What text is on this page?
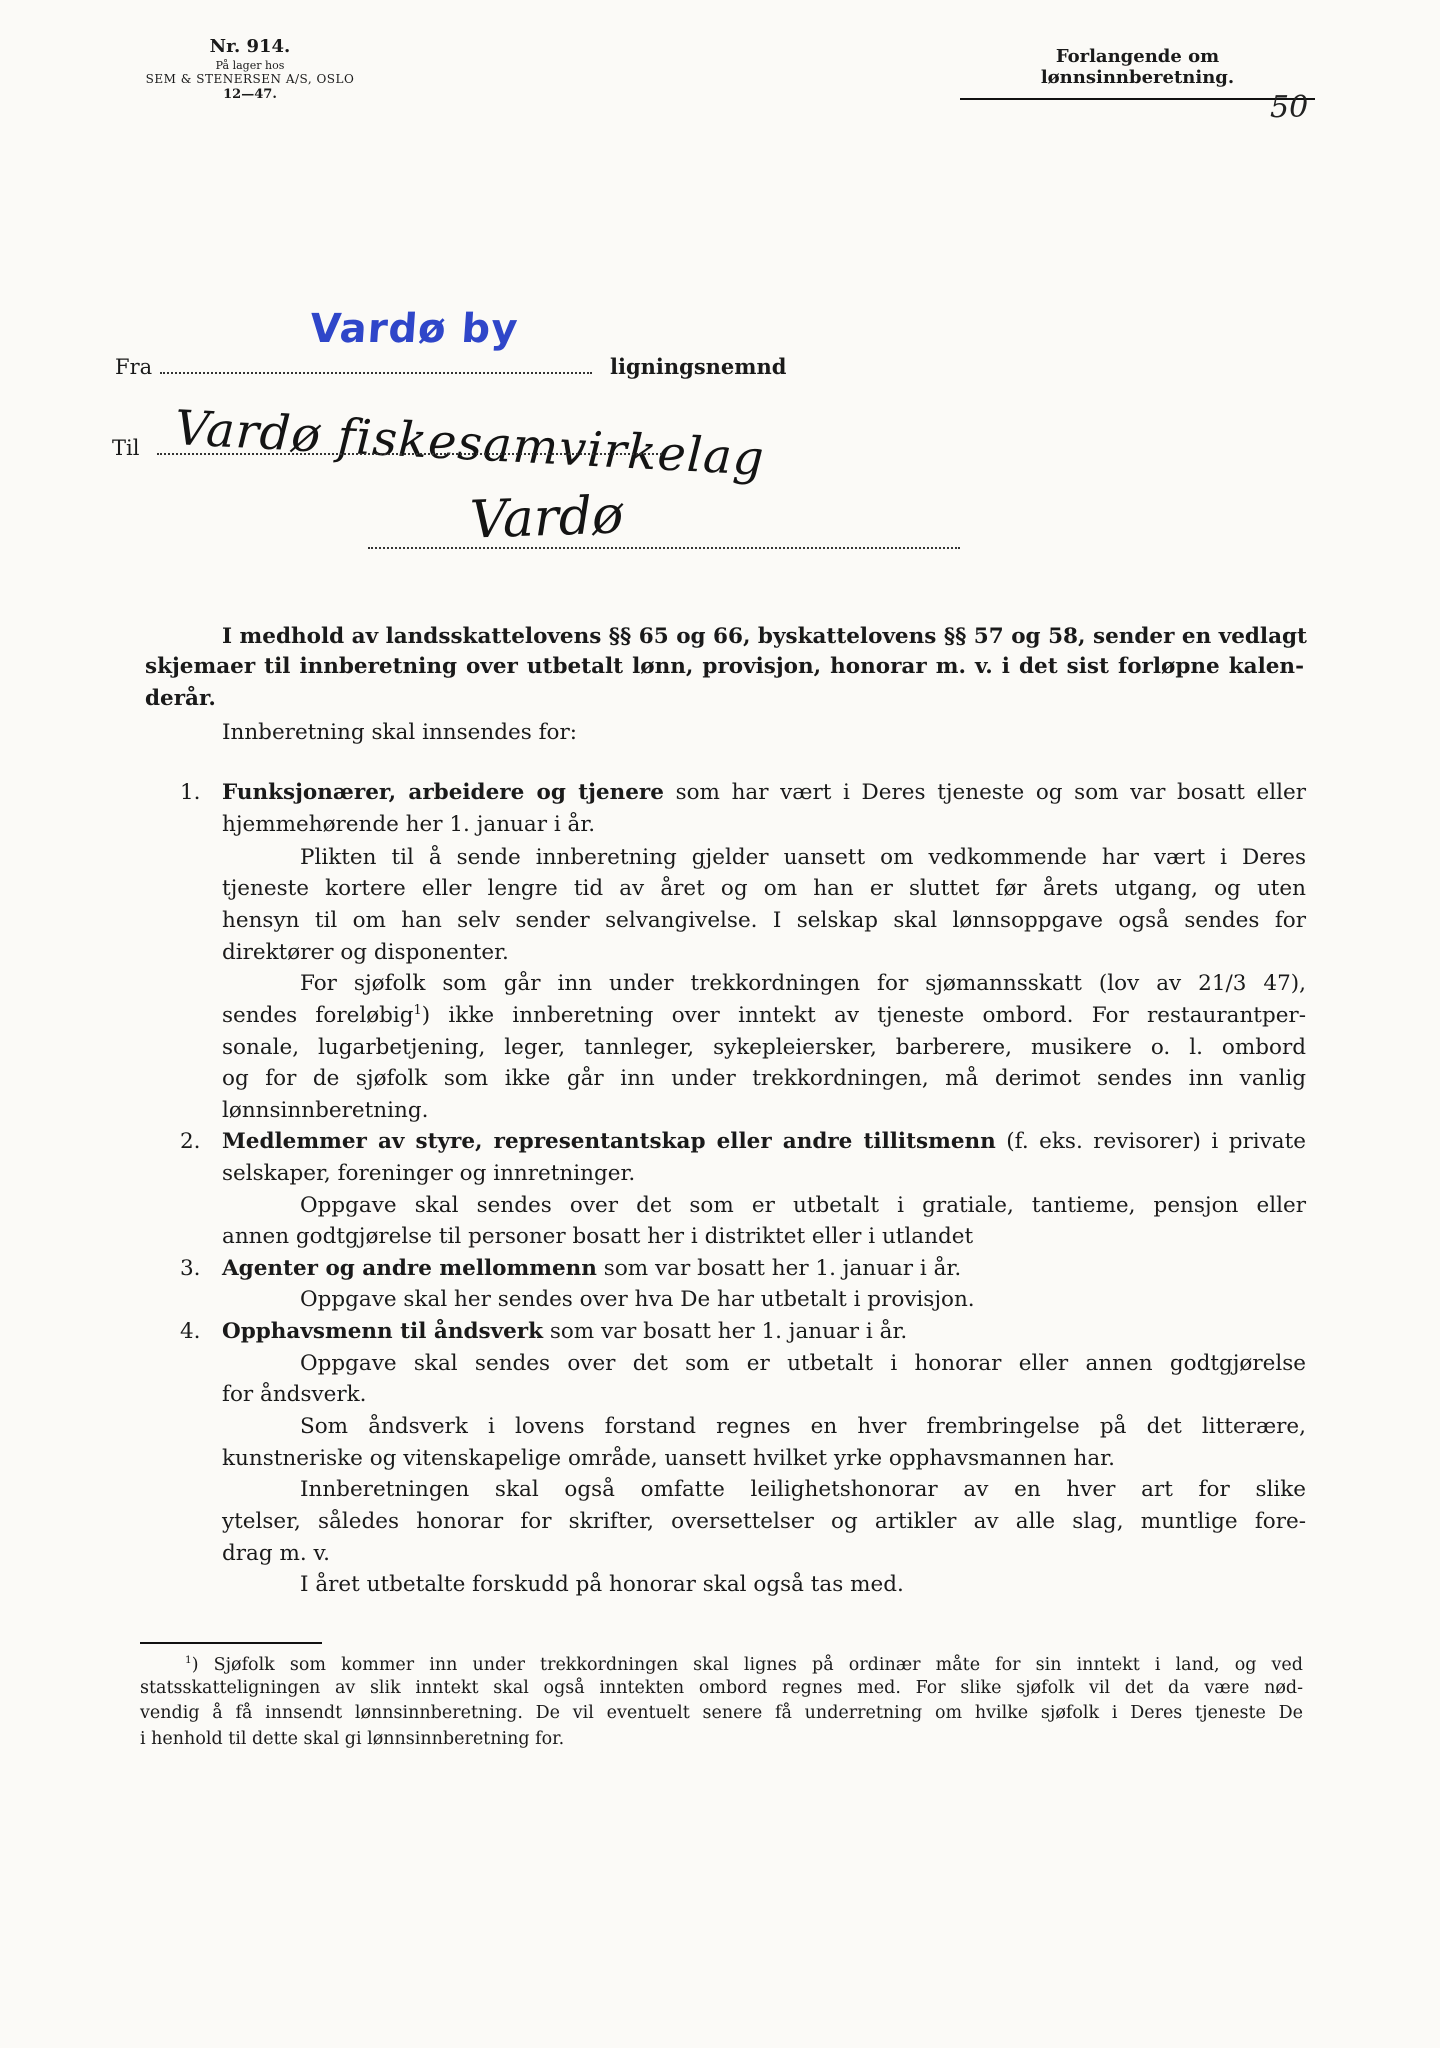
Nr. 914.
På lager hos
SEM & STENERSEN A/S, OSLO
12—47.
Forlangende om lønnsinnberetning.
50
Vardø by
Fra	ligningsnemnd
Vardø fiskesamvirkelag
Til
Vardø
I medhold av landsskattelovens §§ 65 og 66, byskattelovens §§ 57 og 58, sender en vedlagt
skjemaer til innberetning over utbetalt lønn, provisjon, honorar m. v. i det sist forløpne kalen-
derår.
Innberetning skal innsendes for:
1. Funksjonærer, arbeidere og tjenere som har vært i Deres tjeneste og som var bosatt eller
hjemmehørende her 1. januar i år.
Plikten til å sende innberetning gjelder uansett om vedkommende har vært i Deres
tjeneste kortere eller lengre tid av året og om han er sluttet før årets utgang, og uten
hensyn til om han selv sender selvangivelse. I selskap skal lønnsoppgave også sendes for
direktører og disponenter.
For sjøfolk som går inn under trekkordningen for sjømannsskatt (lov av 21/3 47),
sendes foreløbig$^1$) ikke innberetning over inntekt av tjeneste ombord. For restaurantper-
sonale, lugarbetjening, leger, tannleger, sykepleiersker, barberere, musikere o. l. ombord
og for de sjøfolk som ikke går inn under trekkordningen, må derimot sendes inn vanlig
lønnsinnberetning.
2. Medlemmer av styre, representantskap eller andre tillitsmenn (f. eks. revisorer) i private
selskaper, foreninger og innretninger.
Oppgave skal sendes over det som er utbetalt i gratiale, tantieme, pensjon eller
annen godtgjørelse til personer bosatt her i distriktet eller i utlandet
3. Agenter og andre mellommenn som var bosatt her 1. januar i år.
Oppgave skal her sendes over hva De har utbetalt i provisjon.
4. Opphavsmenn til åndsverk som var bosatt her 1. januar i år.
Oppgave skal sendes over det som er utbetalt i honorar eller annen godtgjørelse
for åndsverk.
Som åndsverk i lovens forstand regnes en hver frembringelse på det litterære,
kunstneriske og vitenskapelige område, uansett hvilket yrke opphavsmannen har.
Innberetningen skal også omfatte leilighetshonorar av en hver art for slike
ytelser, således honorar for skrifter, oversettelser og artikler av alle slag, muntlige fore-
drag m. v.
I året utbetalte forskudd på honorar skal også tas med.
$^1$) Sjøfolk som kommer inn under trekkordningen skal lignes på ordinær måte for sin inntekt i land, og ved
statsskatteligningen av slik inntekt skal også inntekten ombord regnes med. For slike sjøfolk vil det da være nød-
vendig å få innsendt lønnsinnberetning. De vil eventuelt senere få underretning om hvilke sjøfolk i Deres tjeneste De
i henhold til dette skal gi lønnsinnberetning for.
